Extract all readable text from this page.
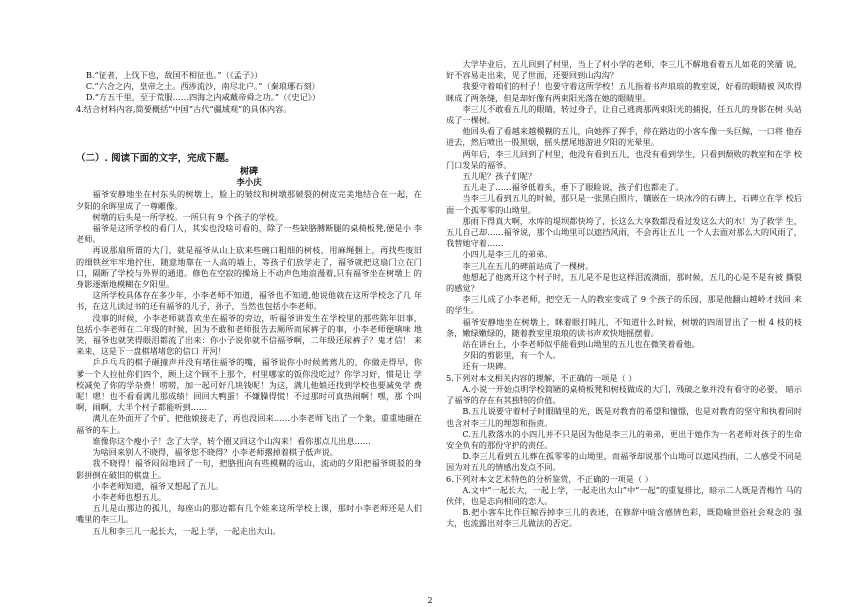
B.“征者，上伐下也，敌国不相征也。”（《孟子》）

C.“六合之内，皇帝之土。西涉流沙，南尽北户。”（秦琅琊石刻）

D.“方五千里，至于荒服……四海之内咸戴帝舜之功。”（《史记》）

4.结合材料内容,简要概括“中国”古代“疆域观”的具体内容。

（二）. 阅读下面的文字，完成下题。

树碑

李小庆

福爷安静地坐在村东头的树墩上，脸上的皱纹和树墩那皴裂的树皮完美地结合在一起，在 夕阳的余晖里成了一尊雕像。

树墩的后头是一所学校。一所只有 9 个孩子的学校。

福爷是这所学校的看门人，其实也没啥可看的，除了一些缺胳膊断腿的桌椅板凳,便是小 李老师。

再说那扇所谓的大门，就是福爷从山上砍来些碗口粗细的树枝，用麻绳捆上，再找些废旧 的细铁丝牢牢地拧住，随意地靠在一人高的墙上，等孩子们放学走了，福爷就把这扇门立在门 口，隔断了学校与外界的通道。修色在空寂的操场上不动声色地浪漫着,只有福爷坐在树墩上 的身影逐渐地模糊在夕阳里。

这所学校具体存在多少年，小李老师不知道，福爷也不知道,他说他就在这所学校念了几 年书，在这儿读过书的还有福爷的儿子，孙子，当然也包括小李老师。

没事的时候，小李老师就喜欢坐在福爷的旁边，听福爷讲发生在学校里的那些陈年旧事， 包括小李老师在二年级的时候，因为不敢和老师报告去厕所而尿裤子的事，小李老师便嗔味 地笑，福爷也就笑得眼泪都流了出来：你小子说你就不信福爷啊，二年级还尿裤子？鬼才信！ 来来来，这是下一盘棋堵堵您的信口 开河！

乒乒乓乓的棋子砸撞声并没有堵住福爷的嘴，福爷说你小时候蔫蔫儿的，你做走得早，你 爹一个人拉扯你们四个，顾上这个顾不上那个，村里哪家的饭你没吃过？你学习好，惯是让 学校减免了你的学杂费！唠唠，加一起可好几块钱呢！为这，满儿他娘还找到学校也要减免学 费呢！嗯！也不看看满儿那成绩！回回大鸭蛋！不嫌臊得慌！不过那时可真热闹啊！嘿，那 个叫啊，闹啊，大半个村子都能听到……

满儿在外面开了个矿，把他娘接走了，再也没回来……小李老师飞出了一个象，重重地砸在 福爷的车上。

谁像你这个瘦小子！念了大学，转个圈又回这个山沟来！看你那点儿出息……

为啥回来别人不晓得，福爷您不晓得？小李老师撂掉着棋子低声说。

我不晓得！福爷闷闷地回了一句，把胳扭向有些模糊的远山，流动的夕阳把福爷斑驳的身 影拼倒在破旧的棋盘上。

小李老师知道，福爷又想起了五儿。

小李老师也想五儿。

五儿是山那边的孤儿，每座山的那边都有几个娃来这所学校上课，那时小李老师还是人们 嘴里的李三儿。

五儿和李三儿一起长大，一起上学，一起走出大山。

大学毕业后，五儿回到了村里，当上了村小学的老师，李三儿不解地看着五儿如花的笑靥 说，好不容易走出来，见了世面，还要回到山沟沟？

我要守着咱们的村子！也要守着这所学校！五儿指着书声琅琅的教室说，好看的眼睛被 风吹得眯成了两条缝，但是却好像有两束阳光落在她的眼睛里。

李三儿不敢看五儿的眼睛，转过身子，让自己逃离那两束阳光的捕捉，任五儿的身影在树 头站成了一棵树。

他回头看了看越来越模糊的五儿，向她挥了挥手，停在路边的小客车像一头巨鲸，一口将 他吞进去，然后喷出一股黑烟，摇头摆尾地游进夕阳的光晕里。

两年后，李三儿回到了村里，他没有看到五儿，也没有看到学生，只看到颓败的教室和在学 校门口发呆的福爷。

五儿呢？孩子们呢？

五儿走了……福爷低着头，垂下了眼睑说，孩子们也都走了。

当李三儿看到五儿的时候，那只是一张黑白照片，镶嵌在一块冰冷的石碑上，石碑立在学 校后面一个孤零零的山坳里。

那雨下得真大啊，水库的堤坝都快垮了，长这么大享数都没看过发这么大的水！为了救学 生，五儿自己却……福爷说，那个山坳里可以遮挡风雨，不会再让五儿 一个人去面对那么大的风雨了，我替她守着……

小四儿是李三儿的弟弟。

李三儿在五儿的碑前站成了一棵树。

他想起了他离开这个村子时，五儿是不是也这样泪流满面，那时候，五儿的心是不是有被 撕裂的感觉？

李三儿成了小李老师，把空无一人的教室变成了 9 个孩子的乐园，那是他翻山越岭才找回 来的学生。

福爷安静地坐在树墩上，眯着眼打盹儿，不知道什么时候，树墩的四周冒出了一根 4 枝的枝 条，嫩绿嫩绿的，随着教室里琅琅的读书声欢快地摇摆着。

站在讲台上，小李老师似乎能看到山坳里的五儿也在微笑着看他。

夕阳的剪影里，有一个人。

还有一块碑。

5.下列对本文相关内容的理解，不正确的一项是（ ）

A.小说一开始点明学校简陋的桌椅板凳和树枝做成的大门，残破之象并没有看守的必要， 暗示了福爷的存在有其独特的价值。

B.五儿说要守着村子时眼睛里的光，既是对教育的希望和憧憬，也是对教育的坚守和执着同时也含对李三儿的埋怨和指责。

C.五儿救落水的小四儿并不只是因为他是李三儿的弟弟，更出于她作为一名老师对孩子的生命安全负有的那份守护的责任。

D.李三儿看到五儿葬在孤零零的山坳里，而福爷却说那个山坳可以遮风挡雨，二人感受不同是因为对五儿的情感出发点不同。

6.下列对本文艺术特色的分析鉴赏，不正确的一项是（ ）

A.文中“一起长大，一起上学，一起走出大山”中“一起”的重复排比，暗示二人既是青梅竹 马的伙伴，也是志向相同的恋人。

B.把小客车比作巨鲸吞掉李三儿的表述，在修辞中暗含感情色彩，既隐喻世俗社会观念的 强大，也流露出对李三儿做法的否定。

2
